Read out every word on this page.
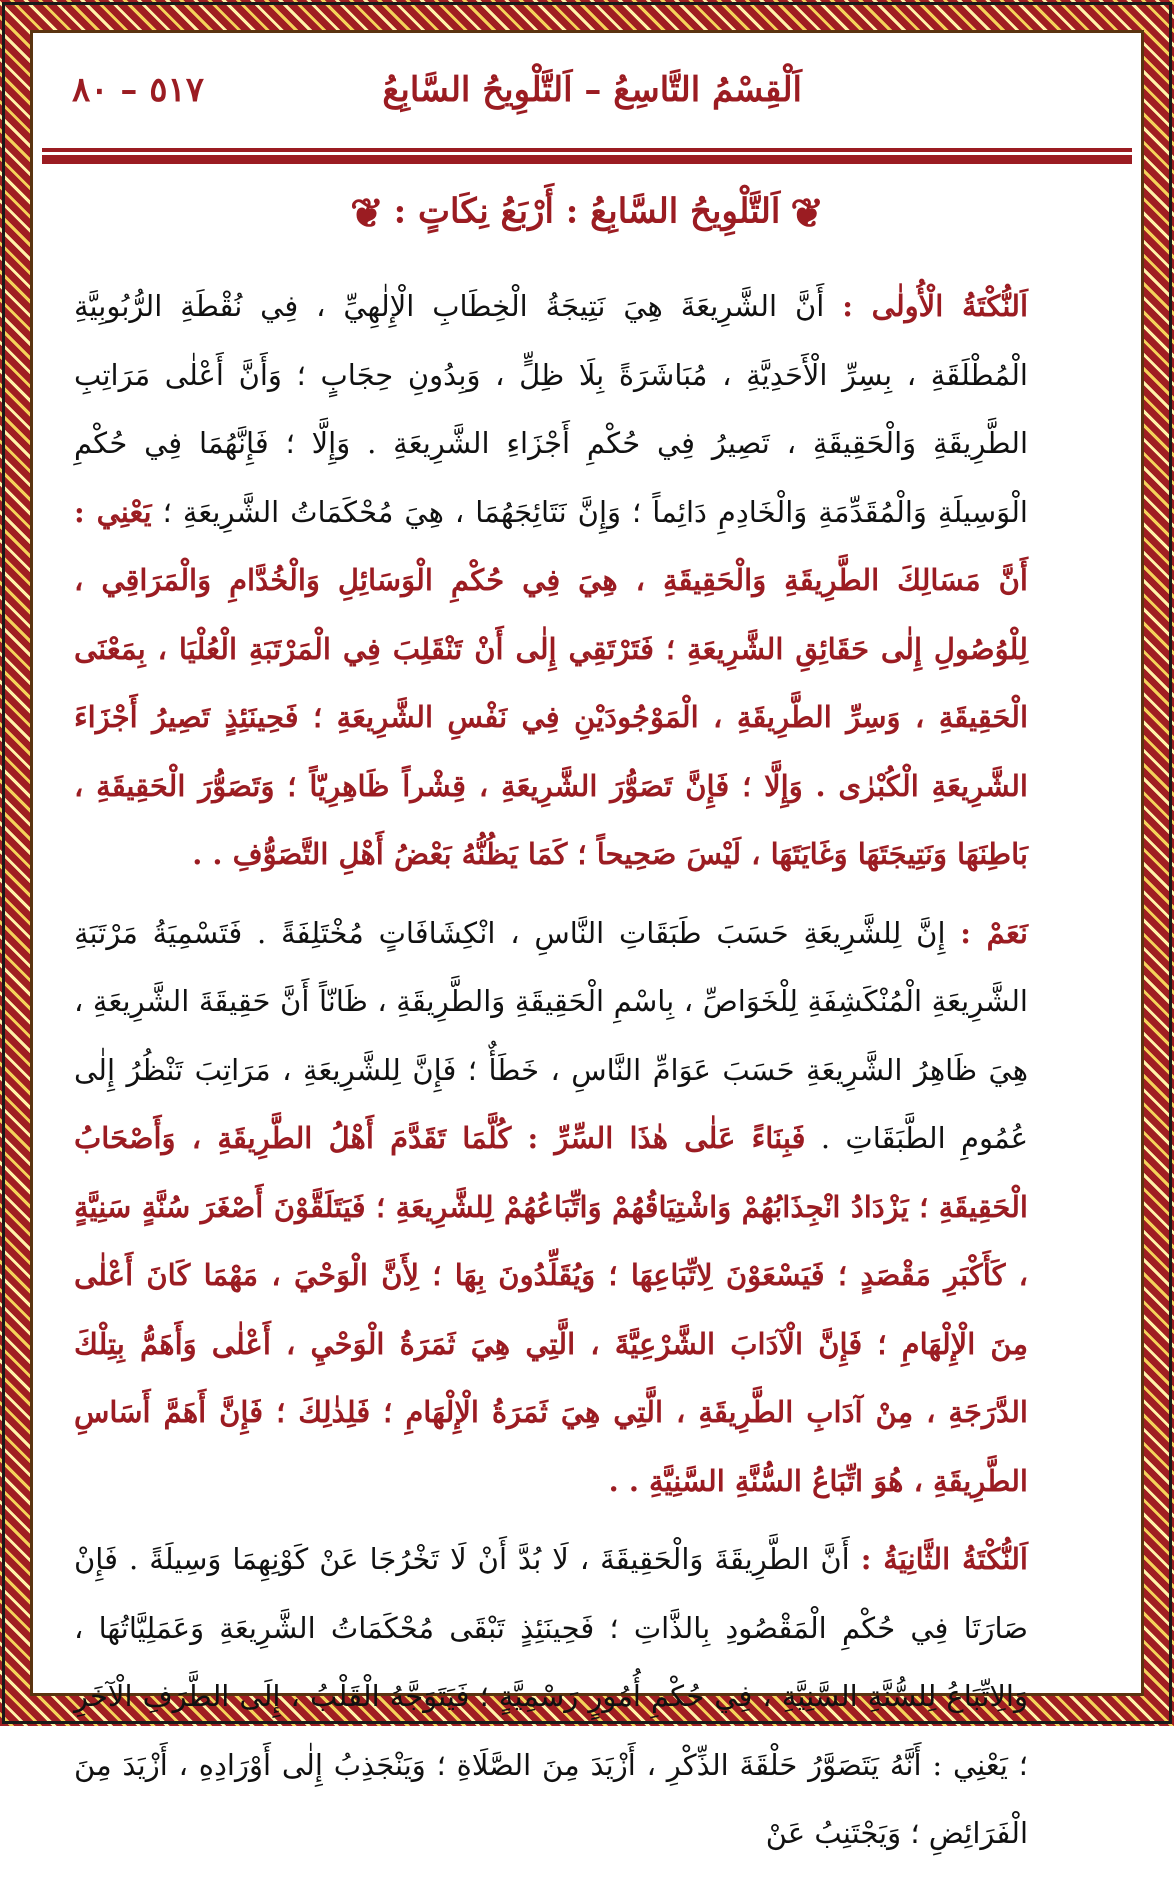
اَلْقِسْمُ التَّاسِعُ – اَلتَّلْوِيحُ السَّابِعُ
٥١٧ – ٨٠
❦اَلتَّلْوِيحُ السَّابِعُ : أَرْبَعُ نِكَاتٍ :❦

اَلنُّكْتَةُ الْأُولٰى : أَنَّ الشَّرِيعَةَ هِيَ نَتِيجَةُ الْخِطَابِ الْإِلٰهِيِّ ، فِي نُقْطَةِ الرُّبُوبِيَّةِ الْمُطْلَقَةِ ، بِسِرِّ الْأَحَدِيَّةِ ، مُبَاشَرَةً بِلَا ظِلٍّ ، وَبِدُونِ حِجَابٍ ؛ وَأَنَّ أَعْلٰى مَرَاتِبِ الطَّرِيقَةِ وَالْحَقِيقَةِ ، تَصِيرُ فِي حُكْمِ أَجْزَاءِ الشَّرِيعَةِ . وَإِلَّا ؛ فَإِنَّهُمَا فِي حُكْمِ الْوَسِيلَةِ وَالْمُقَدِّمَةِ وَالْخَادِمِ دَائِماً ؛ وَإِنَّ نَتَائِجَهُمَا ، هِيَ مُحْكَمَاتُ الشَّرِيعَةِ ؛ يَعْنِي : أَنَّ مَسَالِكَ الطَّرِيقَةِ وَالْحَقِيقَةِ ، هِيَ فِي حُكْمِ الْوَسَائِلِ وَالْخُدَّامِ وَالْمَرَاقِي ، لِلْوُصُولِ إِلٰى حَقَائِقِ الشَّرِيعَةِ ؛ فَتَرْتَقِي إِلٰى أَنْ تَنْقَلِبَ فِي الْمَرْتَبَةِ الْعُلْيَا ، بِمَعْنَى الْحَقِيقَةِ ، وَسِرِّ الطَّرِيقَةِ ، الْمَوْجُودَيْنِ فِي نَفْسِ الشَّرِيعَةِ ؛ فَحِينَئِذٍ تَصِيرُ أَجْزَاءَ الشَّرِيعَةِ الْكُبْرٰى . وَإِلَّا ؛ فَإِنَّ تَصَوُّرَ الشَّرِيعَةِ ، قِشْراً ظَاهِرِيّاً ؛ وَتَصَوُّرَ الْحَقِيقَةِ ، بَاطِنَهَا وَنَتِيجَتَهَا وَغَايَتَهَا ، لَيْسَ صَحِيحاً ؛ كَمَا يَظُنُّهُ بَعْضُ أَهْلِ التَّصَوُّفِ . .

نَعَمْ : إِنَّ لِلشَّرِيعَةِ حَسَبَ طَبَقَاتِ النَّاسِ ، انْكِشَافَاتٍ مُخْتَلِفَةً . فَتَسْمِيَةُ مَرْتَبَةِ الشَّرِيعَةِ الْمُنْكَشِفَةِ لِلْخَوَاصِّ ، بِاسْمِ الْحَقِيقَةِ وَالطَّرِيقَةِ ، ظَانّاً أَنَّ حَقِيقَةَ الشَّرِيعَةِ ، هِيَ ظَاهِرُ الشَّرِيعَةِ حَسَبَ عَوَامِّ النَّاسِ ، خَطَأٌ ؛ فَإِنَّ لِلشَّرِيعَةِ ، مَرَاتِبَ تَنْظُرُ إِلٰى عُمُومِ الطَّبَقَاتِ . فَبِنَاءً عَلٰى هٰذَا السِّرِّ : كُلَّمَا تَقَدَّمَ أَهْلُ الطَّرِيقَةِ ، وَأَصْحَابُ الْحَقِيقَةِ ؛ يَزْدَادُ انْجِذَابُهُمْ وَاشْتِيَاقُهُمْ وَاتِّبَاعُهُمْ لِلشَّرِيعَةِ ؛ فَيَتَلَقَّوْنَ أَصْغَرَ سُنَّةٍ سَنِيَّةٍ ، كَأَكْبَرِ مَقْصَدٍ ؛ فَيَسْعَوْنَ لِاتِّبَاعِهَا ؛ وَيُقَلِّدُونَ بِهَا ؛ لِأَنَّ الْوَحْيَ ، مَهْمَا كَانَ أَعْلٰى مِنَ الْإِلْهَامِ ؛ فَإِنَّ الْآدَابَ الشَّرْعِيَّةَ ، الَّتِي هِيَ ثَمَرَةُ الْوَحْيِ ، أَعْلٰى وَأَهَمُّ بِتِلْكَ الدَّرَجَةِ ، مِنْ آدَابِ الطَّرِيقَةِ ، الَّتِي هِيَ ثَمَرَةُ الْإِلْهَامِ ؛ فَلِذٰلِكَ ؛ فَإِنَّ أَهَمَّ أَسَاسِ الطَّرِيقَةِ ، هُوَ اتِّبَاعُ السُّنَّةِ السَّنِيَّةِ . .

اَلنُّكْتَةُ الثَّانِيَةُ : أَنَّ الطَّرِيقَةَ وَالْحَقِيقَةَ ، لَا بُدَّ أَنْ لَا تَخْرُجَا عَنْ كَوْنِهِمَا وَسِيلَةً . فَإِنْ صَارَتَا فِي حُكْمِ الْمَقْصُودِ بِالذَّاتِ ؛ فَحِينَئِذٍ تَبْقَى مُحْكَمَاتُ الشَّرِيعَةِ وَعَمَلِيَّاتُهَا ، وَالِاتِّبَاعُ لِلسُّنَّةِ السَّنِيَّةِ ، فِي حُكْمِ أُمُورٍ رَسْمِيَّةٍ ؛ فَيَتَوَجَّهُ الْقَلْبُ ، إِلَى الطَّرَفِ الْآخَرِ ؛ يَعْنِي : أَنَّهُ يَتَصَوَّرُ حَلْقَةَ الذِّكْرِ ، أَزْيَدَ مِنَ الصَّلَاةِ ؛ وَيَنْجَذِبُ إِلٰى أَوْرَادِهِ ، أَزْيَدَ مِنَ الْفَرَائِضِ ؛ وَيَجْتَنِبُ عَنْ
